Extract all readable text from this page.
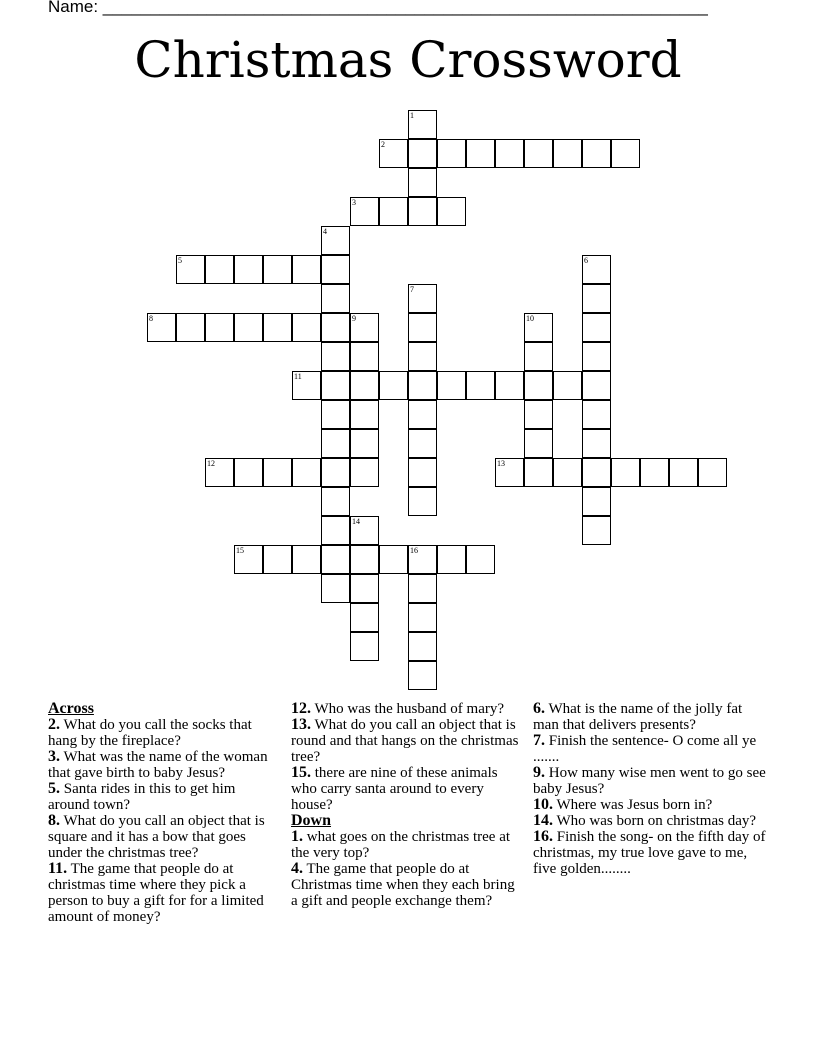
Name: ________________________________________________________________
Christmas Crossword
1
2
3
4
5	6
7
8	9	10
11
12	13
14
15	16
Across
2. What do you call the socks that hang by the fireplace?
3. What was the name of the woman that gave birth to baby Jesus?
5. Santa rides in this to get him around town?
8. What do you call an object that is square and it has a bow that goes under the christmas tree?
11. The game that people do at christmas time where they pick a person to buy a gift for for a limited amount of money?
12. Who was the husband of mary?
13. What do you call an object that is round and that hangs on the christmas tree?
15. there are nine of these animals who carry santa around to every house?
Down
1. what goes on the christmas tree at the very top?
4. The game that people do at Christmas time when they each bring a gift and people exchange them?
6. What is the name of the jolly fat man that delivers presents?
7. Finish the sentence- O come all ye .......
9. How many wise men went to go see baby Jesus?
10. Where was Jesus born in?
14. Who was born on christmas day?
16. Finish the song- on the fifth day of christmas, my true love gave to me, five golden........
